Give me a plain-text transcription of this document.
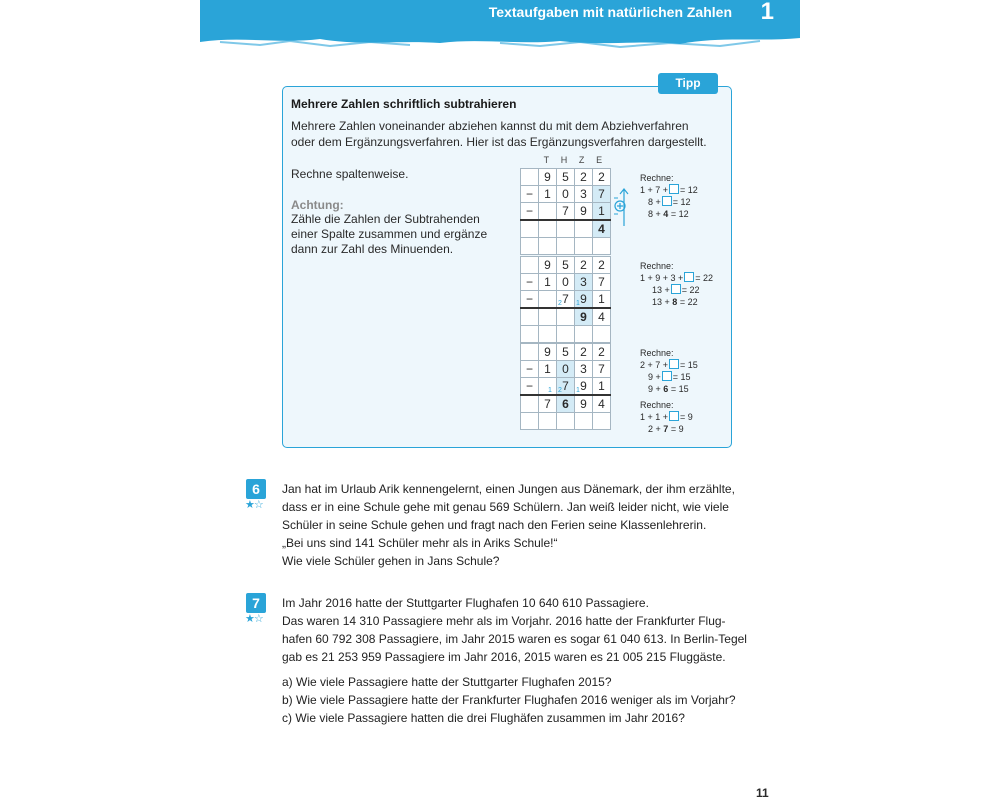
Textaufgaben mit natürlichen Zahlen 1
Tipp
Mehrere Zahlen schriftlich subtrahieren
Mehrere Zahlen voneinander abziehen kannst du mit dem Abziehverfahren
oder dem Ergänzungsverfahren. Hier ist das Ergänzungsverfahren dargestellt.
Rechne spaltenweise.
Achtung:
Zähle die Zahlen der Subtrahenden
einer Spalte zusammen und ergänze
dann zur Zahl des Minuenden.
T	H	Z	E
	9	5	2	2
−	1	0	3	7
−		7	9	1
				4

Rechne:
1 + 7 + = 12
8 + = 12
8 + 4 = 12
	9	5	2	2
−	1	0	3	7
−		2 7	1 9	1
			9	4

Rechne:
1 + 9 + 3 + = 22
13 + = 22
13 + 8 = 22
	9	5	2	2
−	1	0	3	7
−	1	2 7	1 9	1
	7	6	9	4

Rechne:
2 + 7 + = 15
9 + = 15
9 + 6 = 15
Rechne:
1 + 1 + = 9
2 + 7 = 9
6
★☆
Jan hat im Urlaub Arik kennengelernt, einen Jungen aus Dänemark, der ihm erzählte,
dass er in eine Schule gehe mit genau 569 Schülern. Jan weiß leider nicht, wie viele
Schüler in seine Schule gehen und fragt nach den Ferien seine Klassenlehrerin.
„Bei uns sind 141 Schüler mehr als in Ariks Schule!“
Wie viele Schüler gehen in Jans Schule?
7
★☆
Im Jahr 2016 hatte der Stuttgarter Flughafen 10 640 610 Passagiere.
Das waren 14 310 Passagiere mehr als im Vorjahr. 2016 hatte der Frankfurter Flug-
hafen 60 792 308 Passagiere, im Jahr 2015 waren es sogar 61 040 613. In Berlin-Tegel
gab es 21 253 959 Passagiere im Jahr 2016, 2015 waren es 21 005 215 Fluggäste.
a) Wie viele Passagiere hatte der Stuttgarter Flughafen 2015?
b) Wie viele Passagiere hatte der Frankfurter Flughafen 2016 weniger als im Vorjahr?
c) Wie viele Passagiere hatten die drei Flughäfen zusammen im Jahr 2016?
11
